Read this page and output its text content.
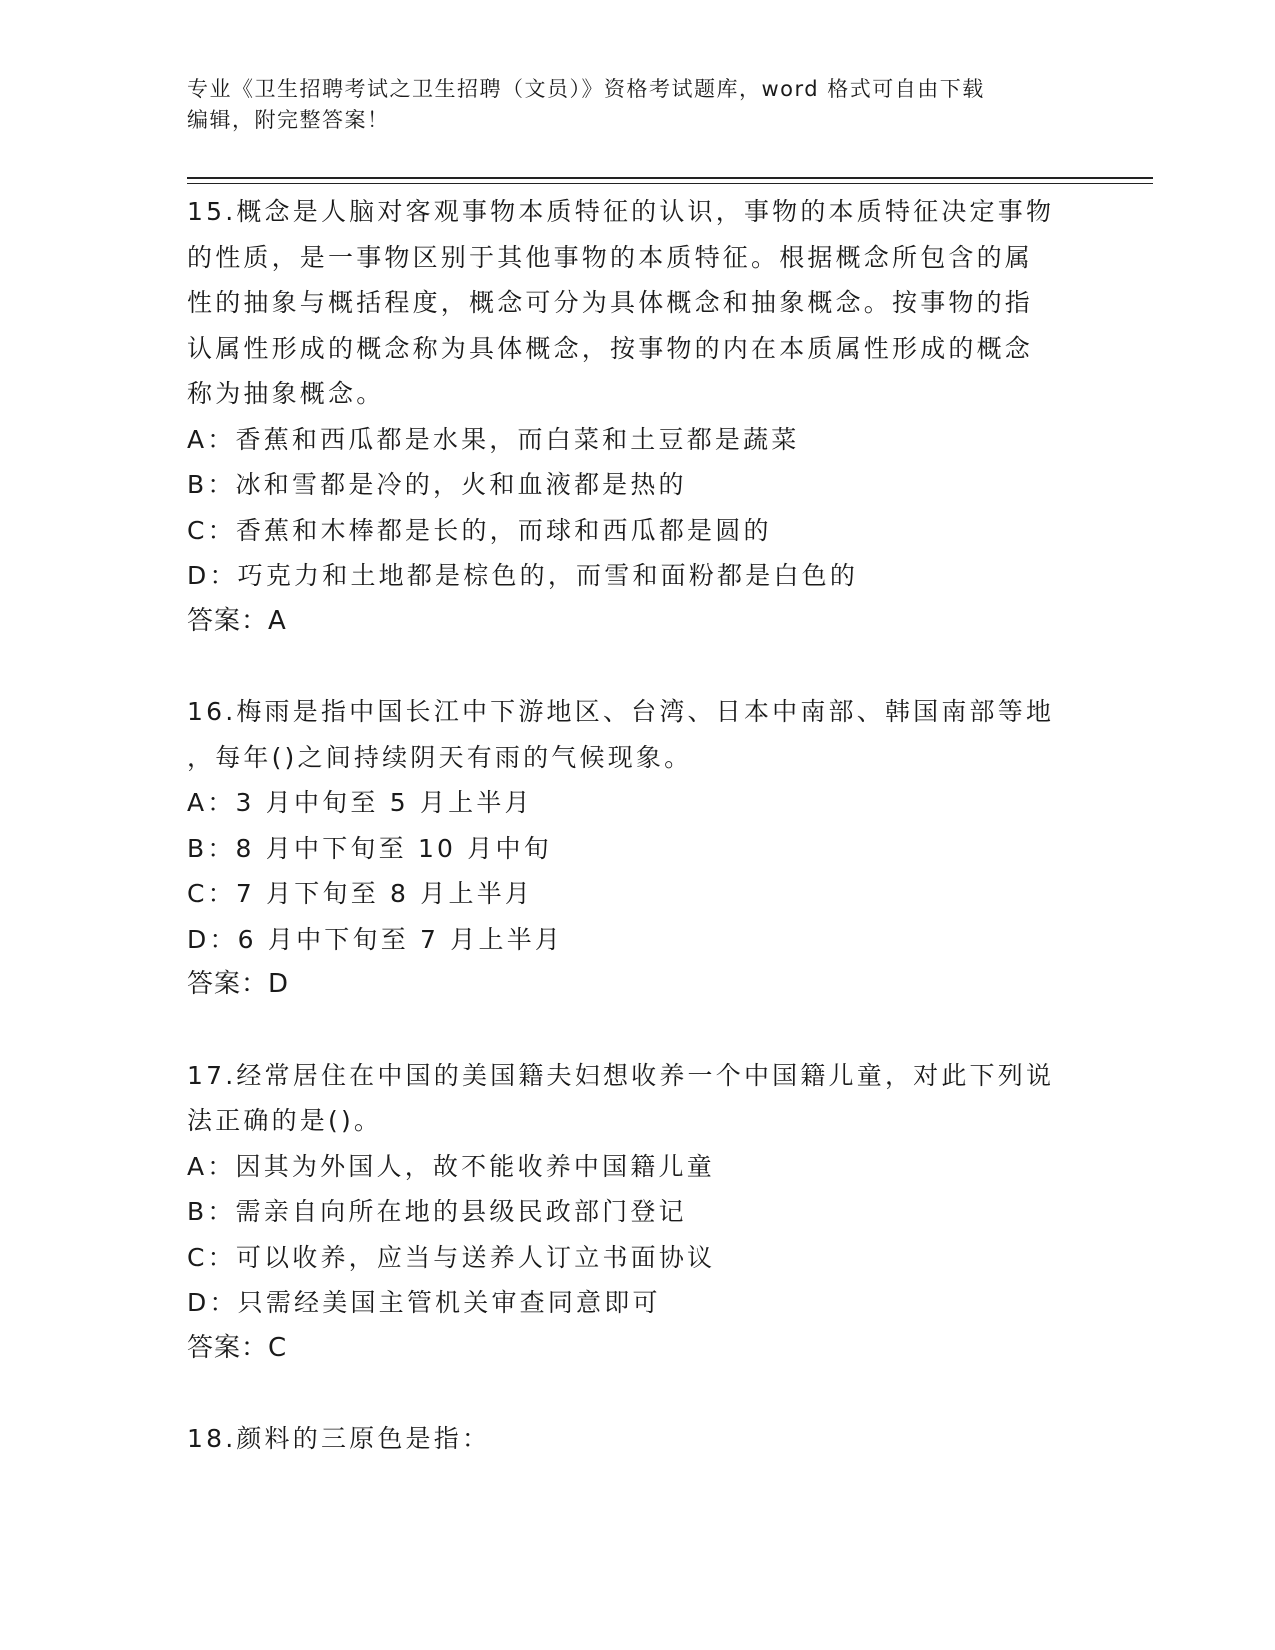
专业《卫生招聘考试之卫生招聘（文员）》资格考试题库，word 格式可自由下载
编辑，附完整答案！
15.概念是人脑对客观事物本质特征的认识，事物的本质特征决定事物
的性质，是一事物区别于其他事物的本质特征。根据概念所包含的属
性的抽象与概括程度，概念可分为具体概念和抽象概念。按事物的指
认属性形成的概念称为具体概念，按事物的内在本质属性形成的概念
称为抽象概念。
A：香蕉和西瓜都是水果，而白菜和土豆都是蔬菜
B：冰和雪都是冷的，火和血液都是热的
C：香蕉和木棒都是长的，而球和西瓜都是圆的
D：巧克力和土地都是棕色的，而雪和面粉都是白色的
答案：A
16.梅雨是指中国长江中下游地区、台湾、日本中南部、韩国南部等地
，每年()之间持续阴天有雨的气候现象。
A：3 月中旬至 5 月上半月
B：8 月中下旬至 10 月中旬
C：7 月下旬至 8 月上半月
D：6 月中下旬至 7 月上半月
答案：D
17.经常居住在中国的美国籍夫妇想收养一个中国籍儿童，对此下列说
法正确的是()。
A：因其为外国人，故不能收养中国籍儿童
B：需亲自向所在地的县级民政部门登记
C：可以收养，应当与送养人订立书面协议
D：只需经美国主管机关审查同意即可
答案：C
18.颜料的三原色是指：
